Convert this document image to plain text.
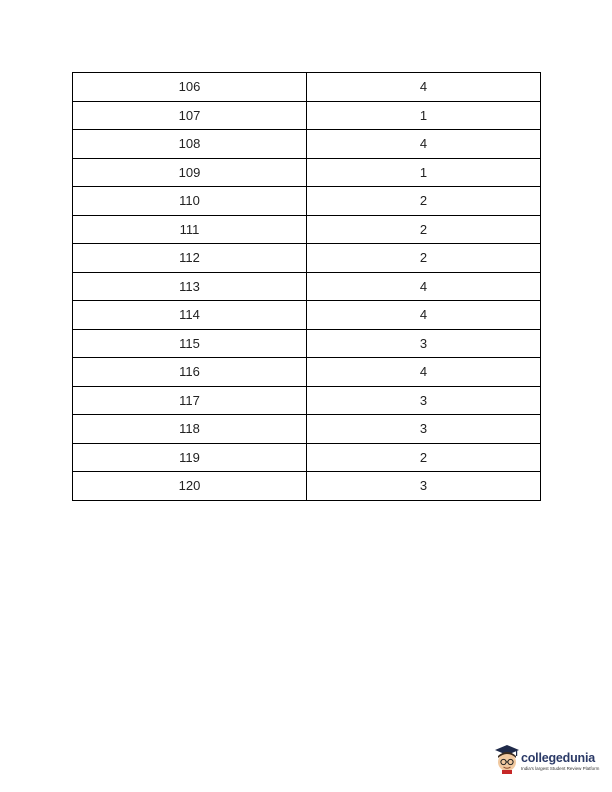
106	4
107	1
108	4
109	1
110	2
111	2
112	2
113	4
114	4
115	3
116	4
117	3
118	3
119	2
120	3
collegedunia
India's largest Student Review Platform
